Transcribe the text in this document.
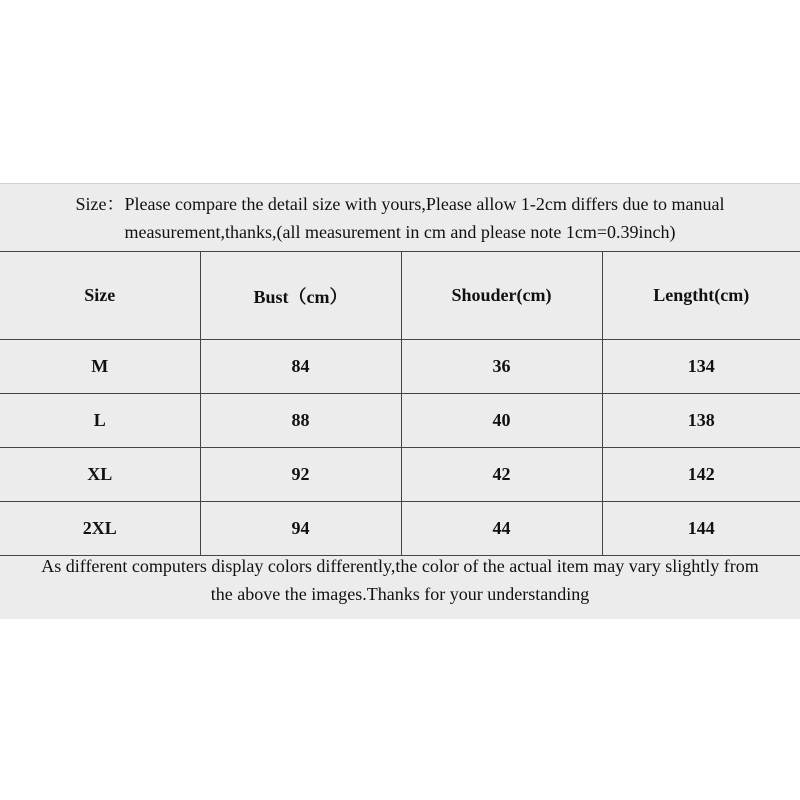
Size：Please compare the detail size with yours,Please allow 1-2cm differs due to manual
measurement,thanks,(all measurement in cm and please note 1cm=0.39inch)
Size	Bust（cm）	Shouder(cm)	Lengtht(cm)
M	84	36	134
L	88	40	138
XL	92	42	142
2XL	94	44	144
As different computers display colors differently,the color of the actual item may vary slightly from
the above the images.Thanks for your understanding
